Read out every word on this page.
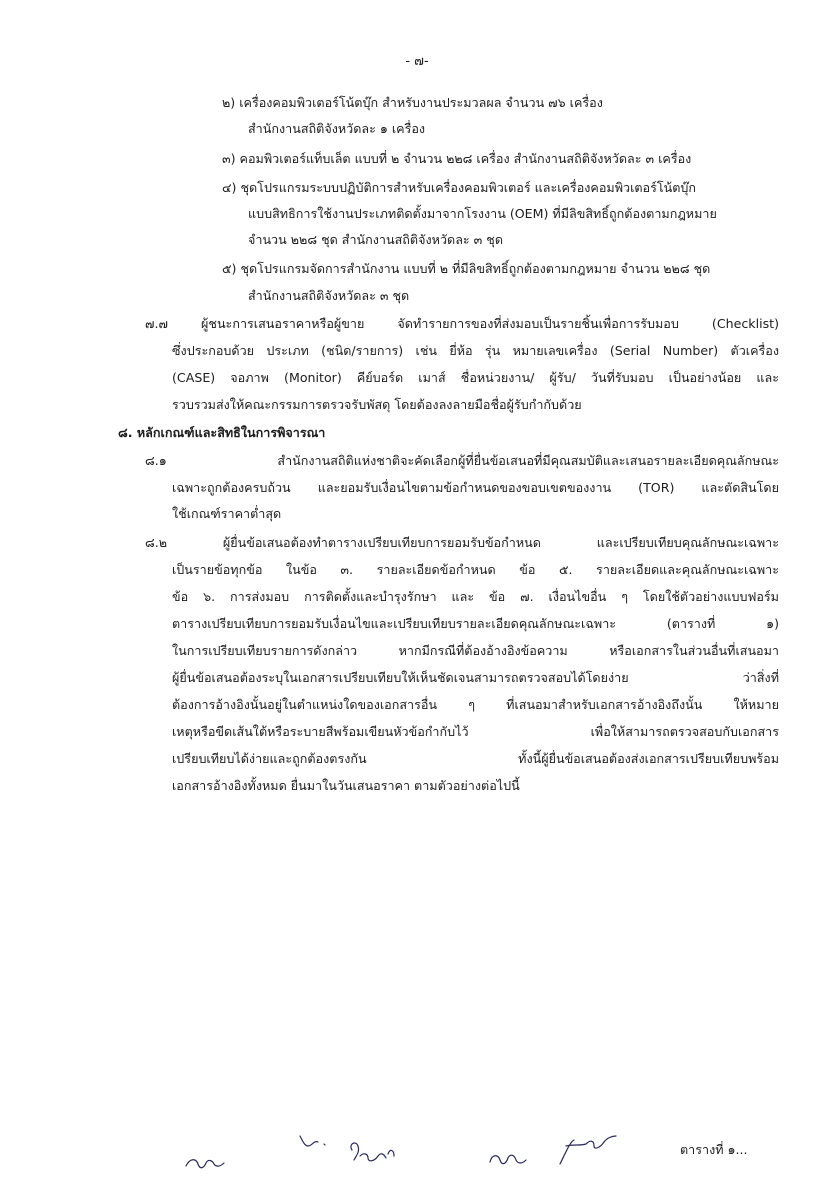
- ๗-
๒) เครื่องคอมพิวเตอร์โน้ตบุ๊ก สำหรับงานประมวลผล จำนวน ๗๖ เครื่อง
สำนักงานสถิติจังหวัดละ ๑ เครื่อง
๓) คอมพิวเตอร์แท็บเล็ต แบบที่ ๒ จำนวน ๒๒๘ เครื่อง สำนักงานสถิติจังหวัดละ ๓ เครื่อง
๔) ชุดโปรแกรมระบบปฏิบัติการสำหรับเครื่องคอมพิวเตอร์ และเครื่องคอมพิวเตอร์โน้ตบุ๊ก
แบบสิทธิการใช้งานประเภทติดตั้งมาจากโรงงาน (OEM) ที่มีลิขสิทธิ์ถูกต้องตามกฎหมาย
จำนวน ๒๒๘ ชุด สำนักงานสถิติจังหวัดละ ๓ ชุด
๕) ชุดโปรแกรมจัดการสำนักงาน แบบที่ ๒ ที่มีลิขสิทธิ์ถูกต้องตามกฎหมาย จำนวน ๒๒๘ ชุด
สำนักงานสถิติจังหวัดละ ๓ ชุด
๗.๗ ผู้ชนะการเสนอราคาหรือผู้ขาย จัดทำรายการของที่ส่งมอบเป็นรายชิ้นเพื่อการรับมอบ (Checklist)
ซึ่งประกอบด้วย ประเภท (ชนิด/รายการ) เช่น ยี่ห้อ รุ่น หมายเลขเครื่อง (Serial Number) ตัวเครื่อง
(CASE) จอภาพ (Monitor) คีย์บอร์ด เมาส์ ชื่อหน่วยงาน/ ผู้รับ/ วันที่รับมอบ เป็นอย่างน้อย และ
รวบรวมส่งให้คณะกรรมการตรวจรับพัสดุ โดยต้องลงลายมือชื่อผู้รับกำกับด้วย
๘. หลักเกณฑ์และสิทธิในการพิจารณา
๘.๑ สำนักงานสถิติแห่งชาติจะคัดเลือกผู้ที่ยื่นข้อเสนอที่มีคุณสมบัติและเสนอรายละเอียดคุณลักษณะ
เฉพาะถูกต้องครบถ้วน และยอมรับเงื่อนไขตามข้อกำหนดของขอบเขตของงาน (TOR) และตัดสินโดย
ใช้เกณฑ์ราคาต่ำสุด
๘.๒ ผู้ยื่นข้อเสนอต้องทำตารางเปรียบเทียบการยอมรับข้อกำหนด และเปรียบเทียบคุณลักษณะเฉพาะ
เป็นรายข้อทุกข้อ ในข้อ ๓. รายละเอียดข้อกำหนด ข้อ ๕. รายละเอียดและคุณลักษณะเฉพาะ
ข้อ ๖. การส่งมอบ การติดตั้งและบำรุงรักษา และ ข้อ ๗. เงื่อนไขอื่น ๆ โดยใช้ตัวอย่างแบบฟอร์ม
ตารางเปรียบเทียบการยอมรับเงื่อนไขและเปรียบเทียบรายละเอียดคุณลักษณะเฉพาะ (ตารางที่ ๑)
ในการเปรียบเทียบรายการดังกล่าว หากมีกรณีที่ต้องอ้างอิงข้อความ หรือเอกสารในส่วนอื่นที่เสนอมา
ผู้ยื่นข้อเสนอต้องระบุในเอกสารเปรียบเทียบให้เห็นชัดเจนสามารถตรวจสอบได้โดยง่าย ว่าสิ่งที่
ต้องการอ้างอิงนั้นอยู่ในตำแหน่งใดของเอกสารอื่น ๆ ที่เสนอมาสำหรับเอกสารอ้างอิงถึงนั้น ให้หมาย
เหตุหรือขีดเส้นใต้หรือระบายสีพร้อมเขียนหัวข้อกำกับไว้ เพื่อให้สามารถตรวจสอบกับเอกสาร
เปรียบเทียบได้ง่ายและถูกต้องตรงกัน ทั้งนี้ผู้ยื่นข้อเสนอต้องส่งเอกสารเปรียบเทียบพร้อม
เอกสารอ้างอิงทั้งหมด ยื่นมาในวันเสนอราคา ตามตัวอย่างต่อไปนี้
ตารางที่ ๑...
